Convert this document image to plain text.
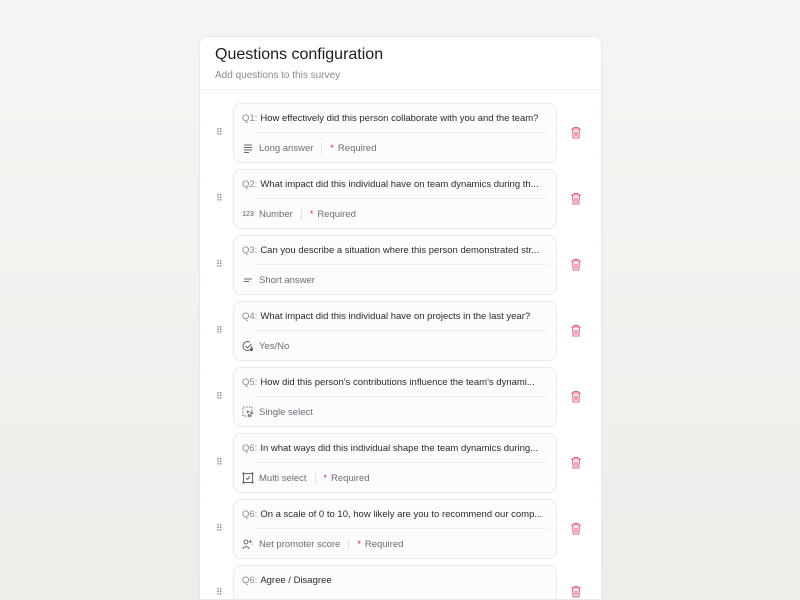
Questions configuration
Add questions to this survey
⠿
Q1: How effectively did this person collaborate with you and the team?
Long answer * Required
⠿
Q2: What impact did this individual have on team dynamics during th...
123 Number * Required
⠿
Q3: Can you describe a situation where this person demonstrated str...
Short answer
⠿
Q4: What impact did this individual have on projects in the last year?
Yes/No
⠿
Q5: How did this person's contributions influence the team's dynami...
Single select
⠿
Q6: In what ways did this individual shape the team dynamics during...
Multi select * Required
⠿
Q6: On a scale of 0 to 10, how likely are you to recommend our comp...
Net promoter score * Required
⠿
Q6: Agree / Disagree
